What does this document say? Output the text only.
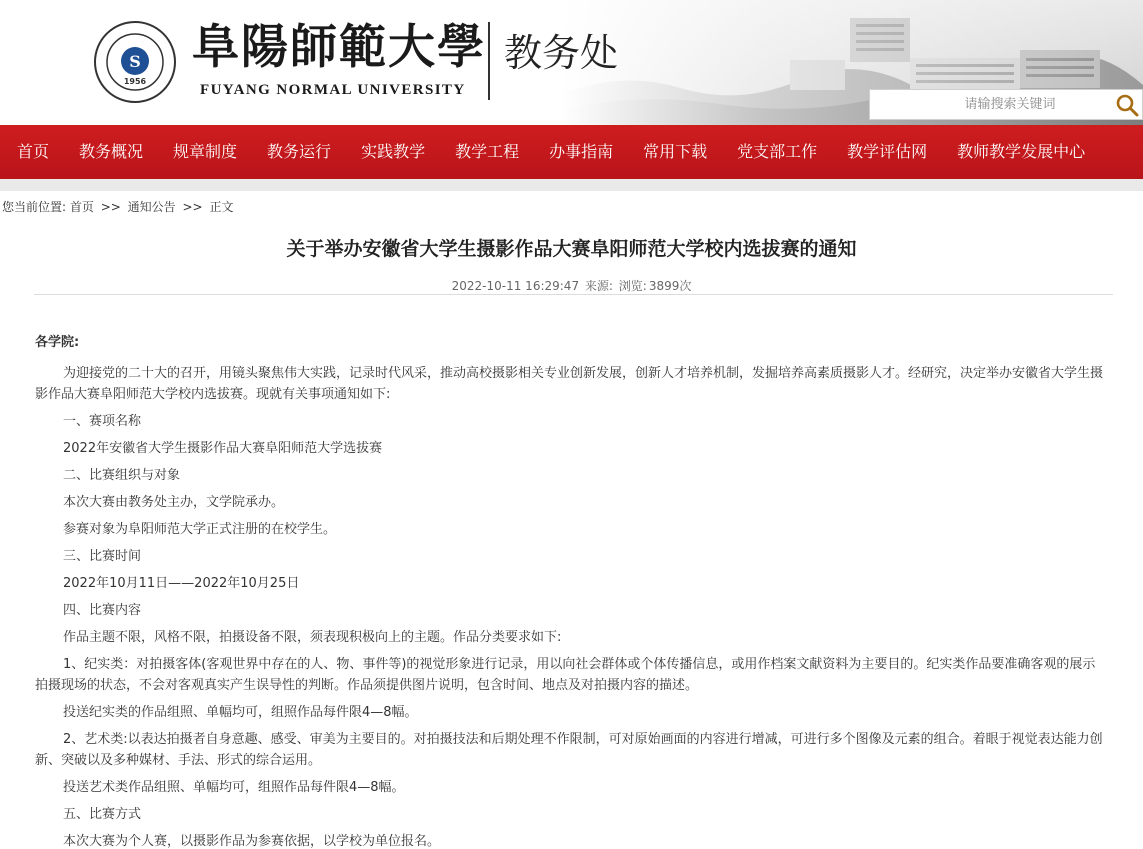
S
1956
阜陽師範大學
FUYANG NORMAL UNIVERSITY
教务处
请输搜索关键词
首页	教务概况	规章制度	教务运行	实践教学	教学工程	办事指南	常用下载	党支部工作	教学评估网	教师教学发展中心
您当前位置: 首页 >> 通知公告 >> 正文
关于举办安徽省大学生摄影作品大赛阜阳师范大学校内选拔赛的通知
2022-10-11 16:29:47 来源: 浏览: 3899次

各学院:

为迎接党的二十大的召开，用镜头聚焦伟大实践，记录时代风采，推动高校摄影相关专业创新发展，创新人才培养机制，发掘培养高素质摄影人才。经研究，决定举办安徽省大学生摄影作品大赛阜阳师范大学校内选拔赛。现就有关事项通知如下:

一、赛项名称

2022年安徽省大学生摄影作品大赛阜阳师范大学选拔赛

二、比赛组织与对象

本次大赛由教务处主办，文学院承办。

参赛对象为阜阳师范大学正式注册的在校学生。

三、比赛时间

2022年10月11日——2022年10月25日

四、比赛内容

作品主题不限，风格不限，拍摄设备不限，须表现积极向上的主题。作品分类要求如下:

1、纪实类：对拍摄客体(客观世界中存在的人、物、事件等)的视觉形象进行记录，用以向社会群体或个体传播信息，或用作档案文献资料为主要目的。纪实类作品要准确客观的展示拍摄现场的状态，不会对客观真实产生误导性的判断。作品须提供图片说明，包含时间、地点及对拍摄内容的描述。

投送纪实类的作品组照、单幅均可，组照作品每件限4—8幅。

2、艺术类:以表达拍摄者自身意趣、感受、审美为主要目的。对拍摄技法和后期处理不作限制，可对原始画面的内容进行增减，可进行多个图像及元素的组合。着眼于视觉表达能力创新、突破以及多种媒材、手法、形式的综合运用。

投送艺术类作品组照、单幅均可，组照作品每件限4—8幅。

五、比赛方式

本次大赛为个人赛，以摄影作品为参赛依据，以学校为单位报名。
